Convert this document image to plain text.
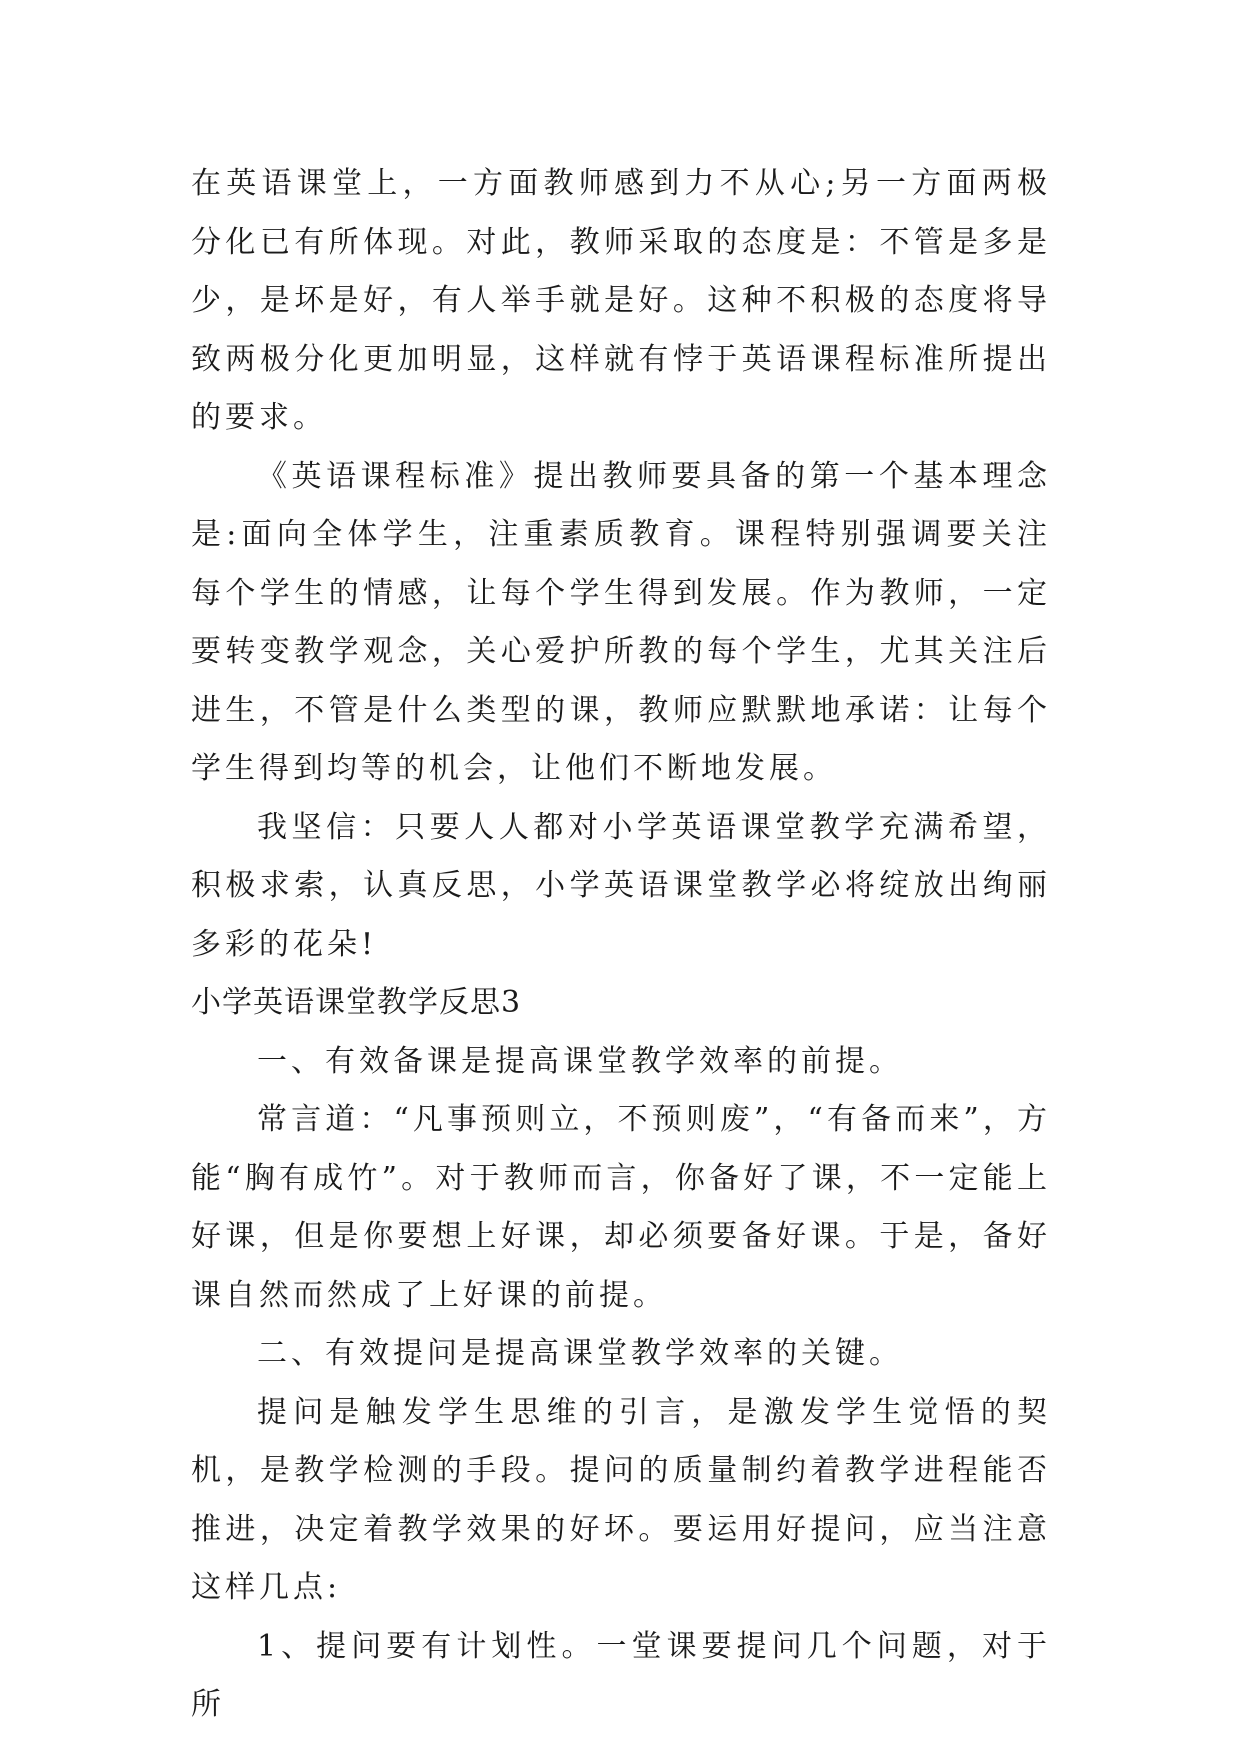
在英语课堂上，一方面教师感到力不从心;另一方面两极分化已有所体现。对此，教师采取的态度是：不管是多是少，是坏是好，有人举手就是好。这种不积极的态度将导致两极分化更加明显，这样就有悖于英语课程标准所提出的要求。

《英语课程标准》提出教师要具备的第一个基本理念是:面向全体学生，注重素质教育。课程特别强调要关注每个学生的情感，让每个学生得到发展。作为教师，一定要转变教学观念，关心爱护所教的每个学生，尤其关注后进生，不管是什么类型的课，教师应默默地承诺：让每个学生得到均等的机会，让他们不断地发展。

我坚信：只要人人都对小学英语课堂教学充满希望，积极求索，认真反思，小学英语课堂教学必将绽放出绚丽多彩的花朵!

小学英语课堂教学反思3

一、有效备课是提高课堂教学效率的前提。

常言道：“凡事预则立，不预则废”，“有备而来”，方能“胸有成竹”。对于教师而言，你备好了课，不一定能上好课，但是你要想上好课，却必须要备好课。于是，备好课自然而然成了上好课的前提。

二、有效提问是提高课堂教学效率的关键。

提问是触发学生思维的引言，是激发学生觉悟的契机，是教学检测的手段。提问的质量制约着教学进程能否推进，决定着教学效果的好坏。要运用好提问，应当注意这样几点:

1、提问要有计划性。一堂课要提问几个问题，对于所
